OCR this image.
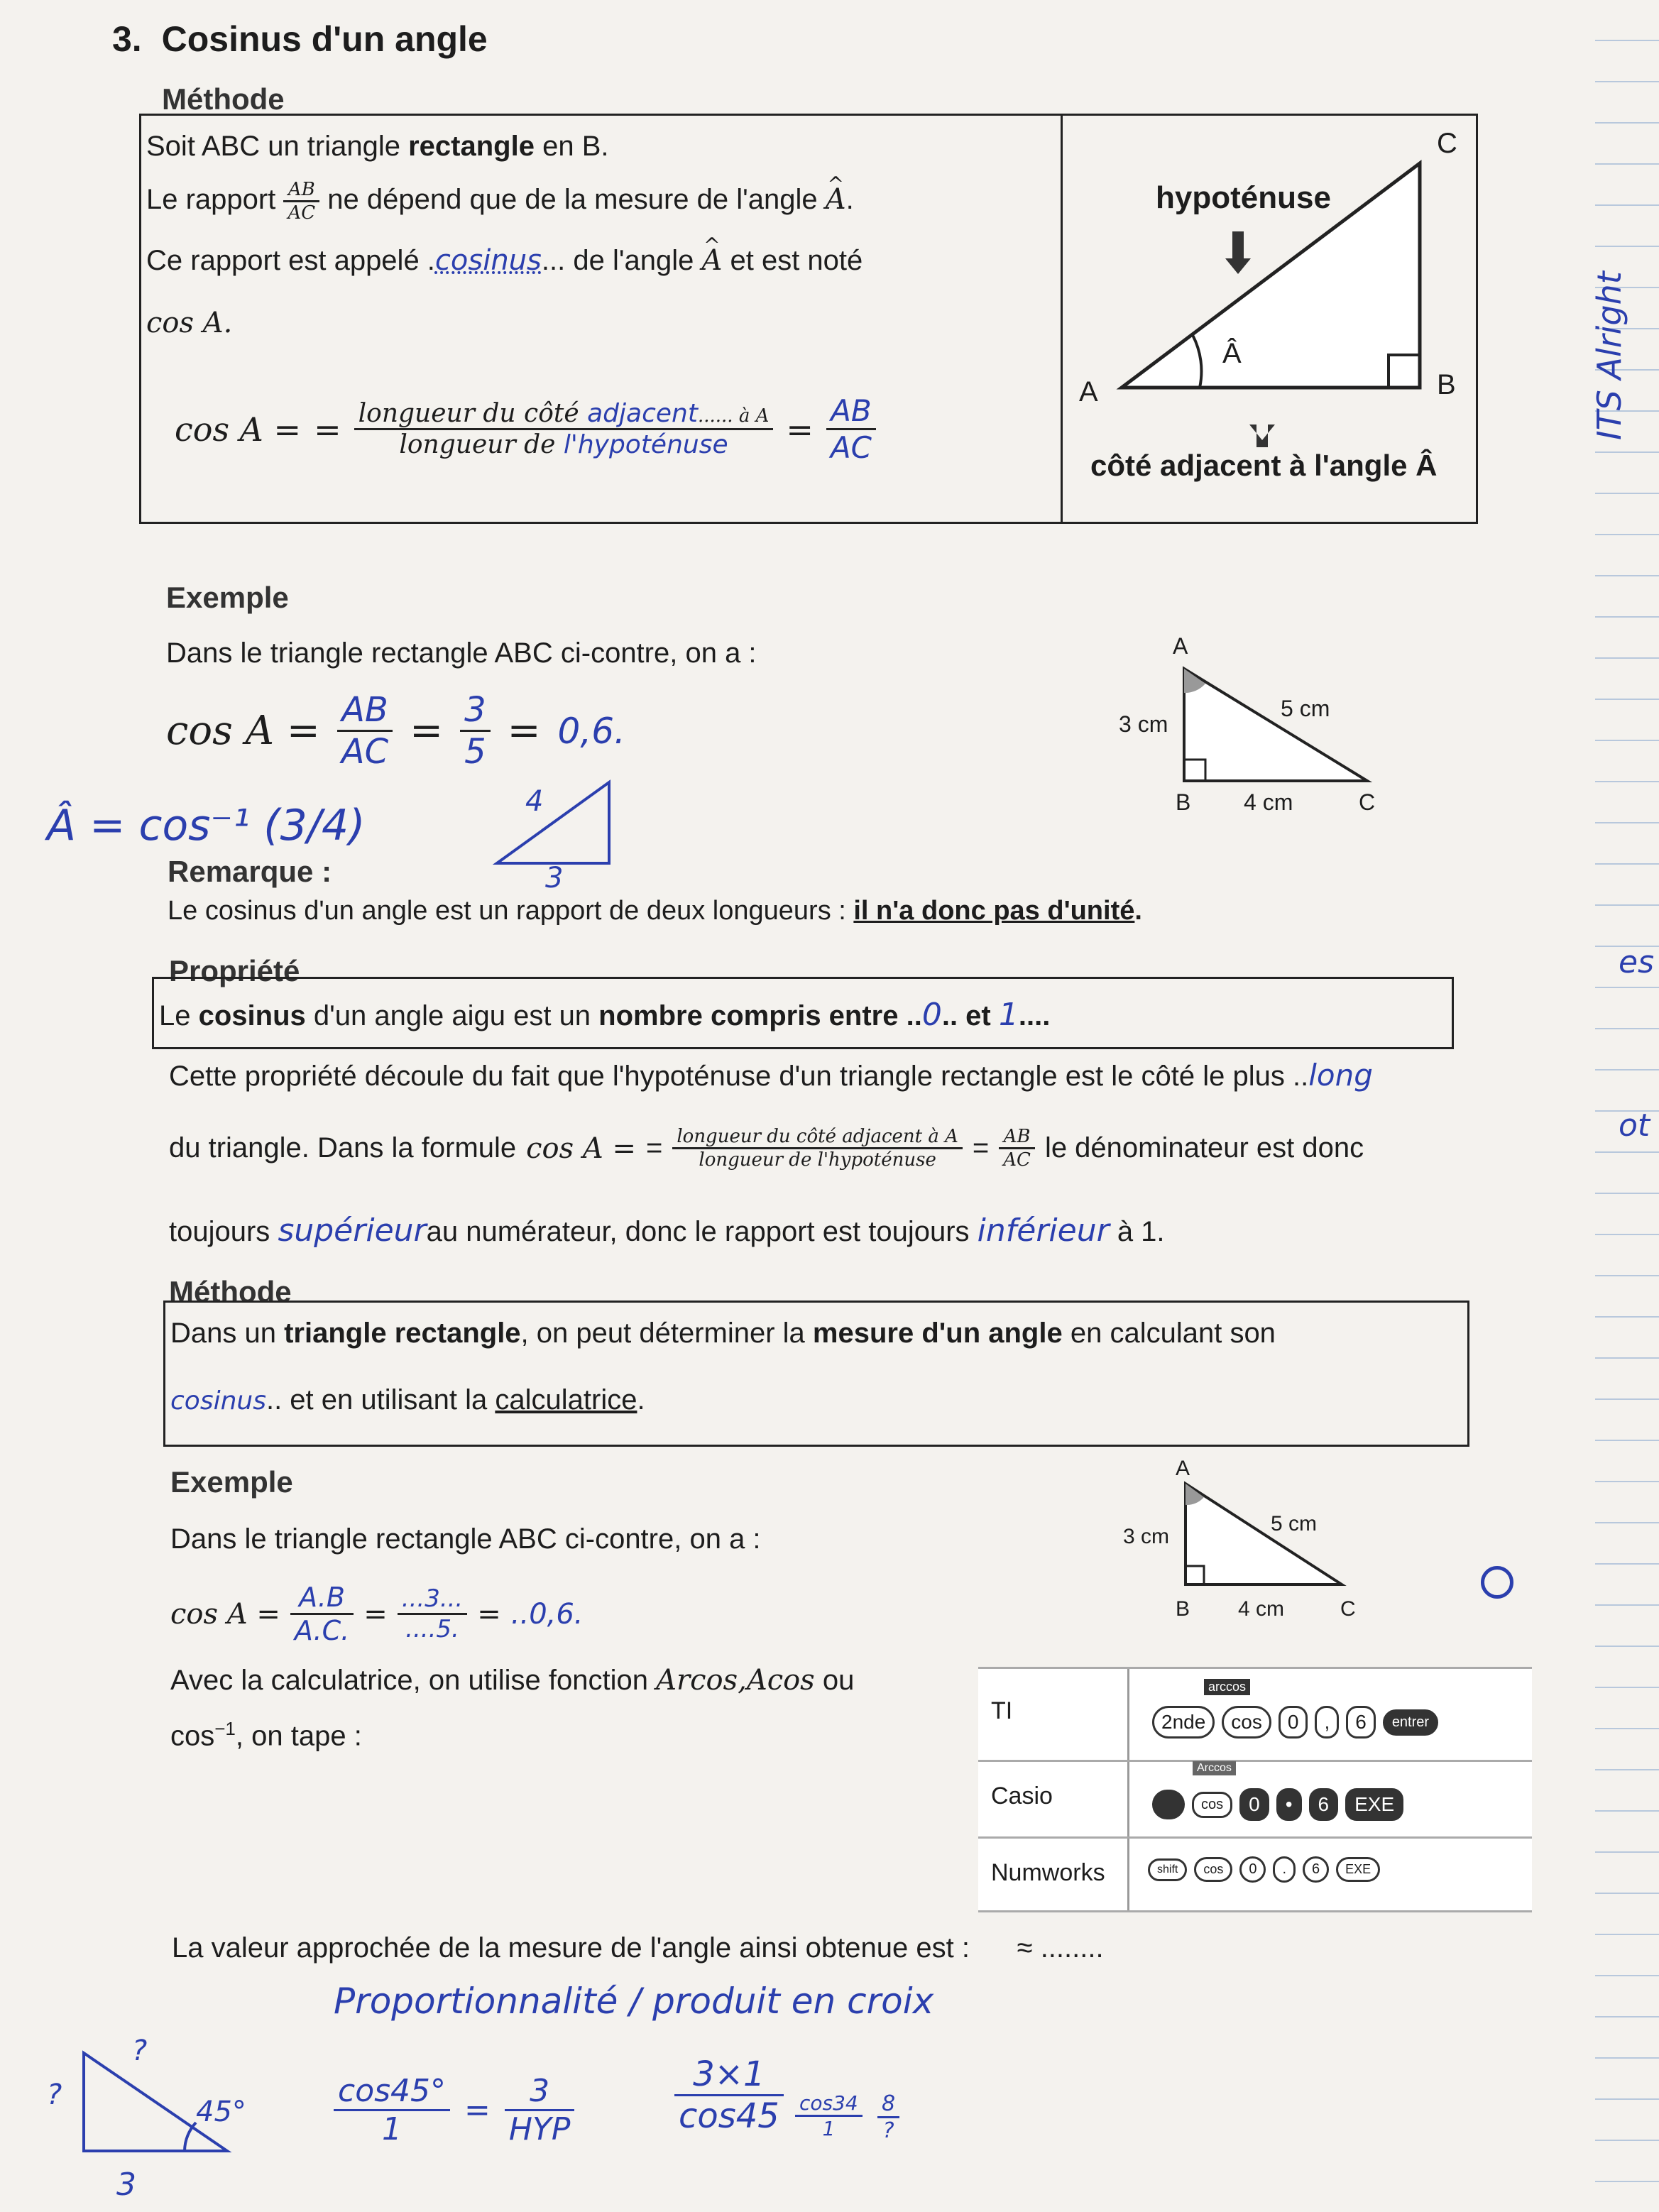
ITS Alright
es
ot
3. Cosinus d'un angle
Méthode
Soit ABC un triangle rectangle en B.
Le rapport $\frac{AB}{AC}$ ne dépend que de la mesure de l'angle ^ A.
Ce rapport est appelé .cosinus... de l'angle ^ A et est noté
cos A.
cos A = = $\frac{\text{longueur du côté adjacent...... à A}}{\text{longueur de l'hypoténuse}} = \frac{AB}{AC}$
C
A	B
hypoténuse
Â
côté adjacent à l'angle Â
Exemple
Dans le triangle rectangle ABC ci-contre, on a :
$\cos A = \frac{AB}{AC} = \frac{3}{5} = 0,6$.
A
B	C
3 cm
5 cm
4 cm
Â = cos⁻¹ (3/4)	4
3
Remarque :
Le cosinus d'un angle est un rapport de deux longueurs : il n'a donc pas d'unité.
Propriété
Le cosinus d'un angle aigu est un nombre compris entre ..0.. et 1....
Cette propriété découle du fait que l'hypoténuse d'un triangle rectangle est le côté le plus ..long
du triangle. Dans la formule cos A = = $\frac{\text{longueur du côté adjacent à A}}{\text{longueur de l'hypoténuse}} = \frac{AB}{AC}$ le dénominateur est donc
toujours supérieurau numérateur, donc le rapport est toujours inférieur à 1.
Méthode
Dans un triangle rectangle, on peut déterminer la mesure d'un angle en calculant son
cosinus.. et en utilisant la calculatrice.
Exemple
Dans le triangle rectangle ABC ci-contre, on a :
$\cos A = \frac{A.B}{A.C.} = \frac{...3...}{....5.} = ..0,6$.
A
B	C
3 cm
5 cm
4 cm
Avec la calculatrice, on utilise fonction Arcos,Acos ou
$\cos^{-1}$, on tape :
TI
arccos
2nde	cos	0	,	6	entrer
Casio
Arccos
cos	0	•	6	EXE
Numworks	shift	cos	0	.	6	EXE
La valeur approchée de la mesure de l'angle ainsi obtenue est :      ≈ ........
Proportionnalité / produit en croix
?
?
45°
3
$\frac{\cos 45^\circ}{1} = \frac{3}{\text{HYP}}$	$\frac{3\times 1}{\cos 45} \frac{\cos 34}{1} \frac{8}{?}$
